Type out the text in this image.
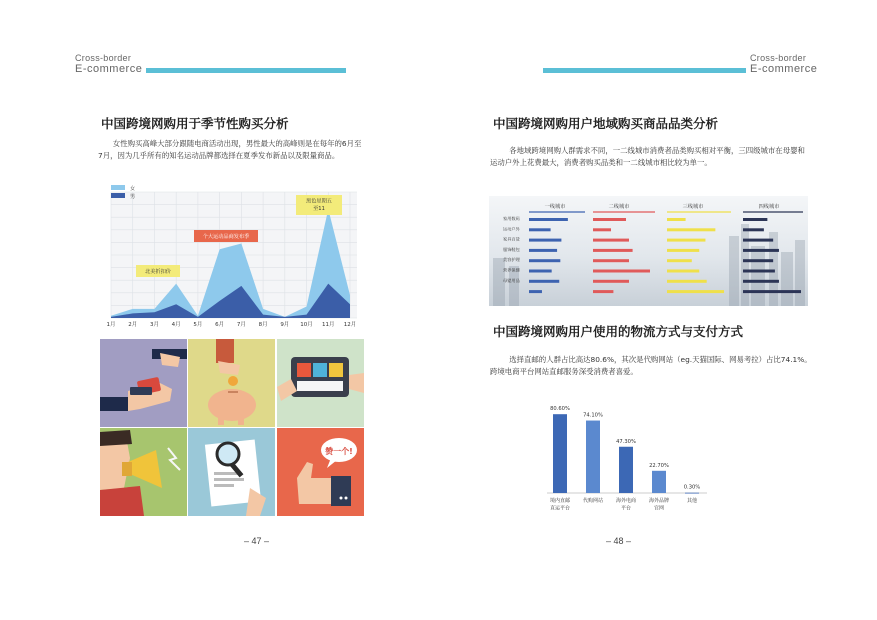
Cross-border
E-commerce
Cross-border
E-commerce
中国跨境网购用于季节性购买分析
女性购买高峰大部分跟随电商活动出现，男性最大的高峰则是在每年的6月至7月，因为几乎所有的知名运动品牌都选择在夏季发布新品以及限量商品。
女
男
北美折扣价
个大运动品商发布季
黑色星期五
至11
1月 2月 3月 4月 5月 6月 7月 8月 9月 10月 11月 12月
赞一个!
– 47 –
中国跨境网购用户地域购买商品品类分析
各地域跨境网购人群需求不同，一二线城市消费者品类购买相对平衡，三四级城市在母婴和运动户外上花费最大，消费者购买品类和一二线城市相比较为单一。
一线城市	二线城市	三线城市	四线城市
家用数码
运动户外
家具百货
服饰鞋包
美容护理
营养保健
母婴用品
中国跨境网购用户使用的物流方式与支付方式
选择直邮的人群占比高达80.6%，其次是代购网站（eg.天猫国际、网易考拉）占比74.1%。跨境电商平台网站直邮服务深受消费者喜爱。
80.60%
境内直邮
直运平台
74.10%
代购网站
47.30%
海外电商
平台
22.70%
海外品牌
官网
0.30%
其他
– 48 –
